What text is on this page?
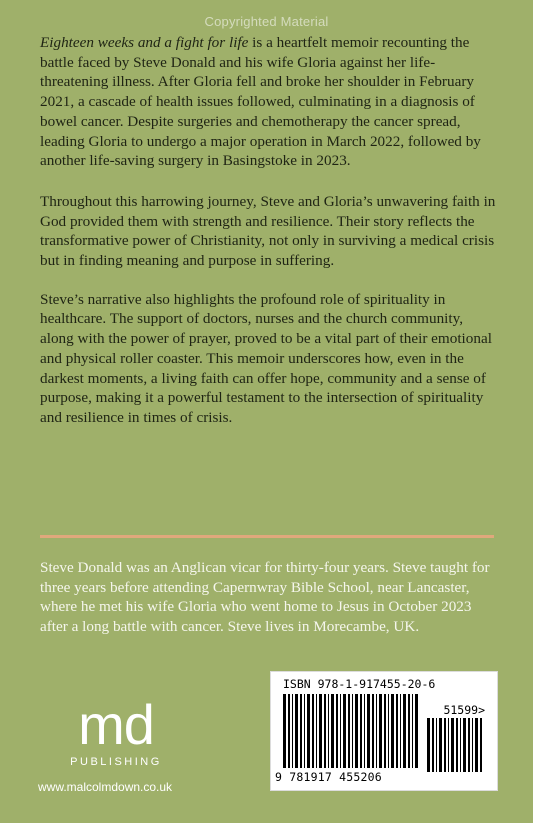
Copyrighted Material

Eighteen weeks and a fight for life is a heartfelt memoir recounting the battle faced by Steve Donald and his wife Gloria against her life-threatening illness. After Gloria fell and broke her shoulder in February 2021, a cascade of health issues followed, culminating in a diagnosis of bowel cancer. Despite surgeries and chemotherapy the cancer spread, leading Gloria to undergo a major operation in March 2022, followed by another life-saving surgery in Basingstoke in 2023.

Throughout this harrowing journey, Steve and Gloria’s unwavering faith in God provided them with strength and resilience. Their story reflects the transformative power of Christianity, not only in surviving a medical crisis but in finding meaning and purpose in suffering.

Steve’s narrative also highlights the profound role of spirituality in healthcare. The support of doctors, nurses and the church community, along with the power of prayer, proved to be a vital part of their emotional and physical roller coaster. This memoir underscores how, even in the darkest moments, a living faith can offer hope, community and a sense of purpose, making it a powerful testament to the intersection of spirituality and resilience in times of crisis.

Steve Donald was an Anglican vicar for thirty-four years. Steve taught for three years before attending Capernwray Bible School, near Lancaster, where he met his wife Gloria who went home to Jesus in October 2023 after a long battle with cancer. Steve lives in Morecambe, UK.

md
PUBLISHING
www.malcolmdown.co.uk
ISBN 978-1-917455-20-6
51599>
9 781917 455206
